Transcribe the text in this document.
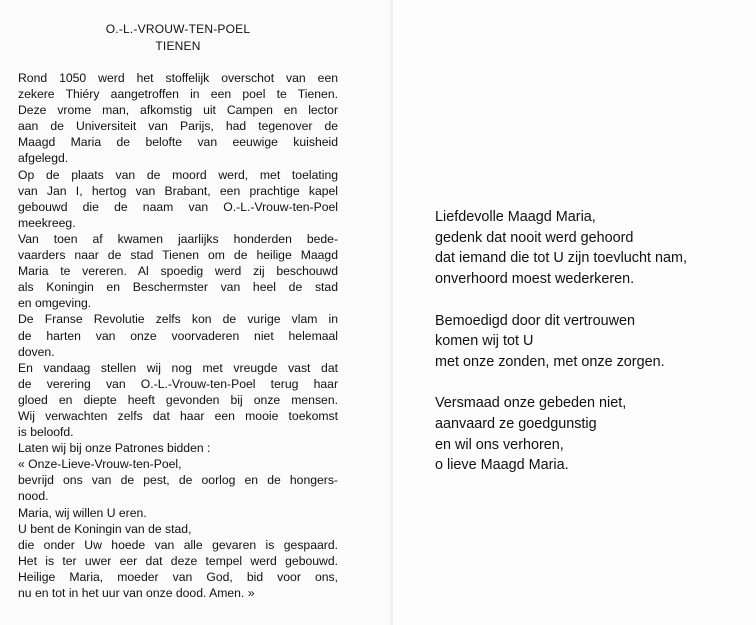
O.-L.-VROUW-TEN-POEL
TIENEN
Rond 1050 werd het stoffelijk overschot van een
zekere Thiéry aangetroffen in een poel te Tienen.
Deze vrome man, afkomstig uit Campen en lector
aan de Universiteit van Parijs, had tegenover de
Maagd Maria de belofte van eeuwige kuisheid
afgelegd.
Op de plaats van de moord werd, met toelating
van Jan I, hertog van Brabant, een prachtige kapel
gebouwd die de naam van O.-L.-Vrouw-ten-Poel
meekreeg.
Van toen af kwamen jaarlijks honderden bede-
vaarders naar de stad Tienen om de heilige Maagd
Maria te vereren. Al spoedig werd zij beschouwd
als Koningin en Beschermster van heel de stad
en omgeving.
De Franse Revolutie zelfs kon de vurige vlam in
de harten van onze voorvaderen niet helemaal
doven.
En vandaag stellen wij nog met vreugde vast dat
de verering van O.-L.-Vrouw-ten-Poel terug haar
gloed en diepte heeft gevonden bij onze mensen.
Wij verwachten zelfs dat haar een mooie toekomst
is beloofd.
Laten wij bij onze Patrones bidden :
« Onze-Lieve-Vrouw-ten-Poel,
bevrijd ons van de pest, de oorlog en de hongers-
nood.
Maria, wij willen U eren.
U bent de Koningin van de stad,
die onder Uw hoede van alle gevaren is gespaard.
Het is ter uwer eer dat deze tempel werd gebouwd.
Heilige Maria, moeder van God, bid voor ons,
nu en tot in het uur van onze dood. Amen. »
Liefdevolle Maagd Maria,
gedenk dat nooit werd gehoord
dat iemand die tot U zijn toevlucht nam,
onverhoord moest wederkeren.
Bemoedigd door dit vertrouwen
komen wij tot U
met onze zonden, met onze zorgen.
Versmaad onze gebeden niet,
aanvaard ze goedgunstig
en wil ons verhoren,
o lieve Maagd Maria.
